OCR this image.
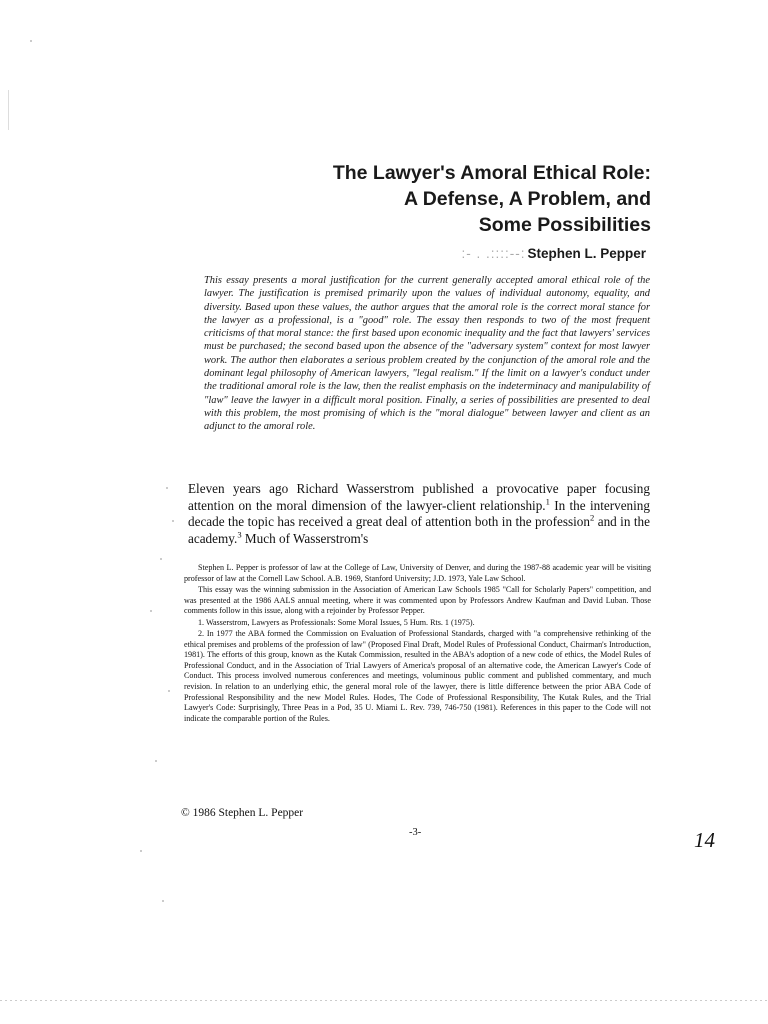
The Lawyer's Amoral Ethical Role:
A Defense, A Problem, and
Some Possibilities
:- . .::::--: Stephen L. Pepper
This essay presents a moral justification for the current generally accepted amoral ethical role of the lawyer. The justification is premised primarily upon the values of individual autonomy, equality, and diversity. Based upon these values, the author argues that the amoral role is the correct moral stance for the lawyer as a professional, is a "good" role. The essay then responds to two of the most frequent criticisms of that moral stance: the first based upon economic inequality and the fact that lawyers' services must be purchased; the second based upon the absence of the "adversary system" context for most lawyer work. The author then elaborates a serious problem created by the conjunction of the amoral role and the dominant legal philosophy of American lawyers, "legal realism." If the limit on a lawyer's conduct under the traditional amoral role is the law, then the realist emphasis on the indeterminacy and manipulability of "law" leave the lawyer in a difficult moral position. Finally, a series of possibilities are presented to deal with this problem, the most promising of which is the "moral dialogue" between lawyer and client as an adjunct to the amoral role.
Eleven years ago Richard Wasserstrom published a provocative paper focusing attention on the moral dimension of the lawyer-client relationship.$^1$ In the intervening decade the topic has received a great deal of attention both in the profession$^2$ and in the academy.$^3$ Much of Wasserstrom's

Stephen L. Pepper is professor of law at the College of Law, University of Denver, and during the 1987-88 academic year will be visiting professor of law at the Cornell Law School. A.B. 1969, Stanford University; J.D. 1973, Yale Law School.

This essay was the winning submission in the Association of American Law Schools 1985 "Call for Scholarly Papers" competition, and was presented at the 1986 AALS annual meeting, where it was commented upon by Professors Andrew Kaufman and David Luban. Those comments follow in this issue, along with a rejoinder by Professor Pepper.

1. Wasserstrom, Lawyers as Professionals: Some Moral Issues, 5 Hum. Rts. 1 (1975).

2. In 1977 the ABA formed the Commission on Evaluation of Professional Standards, charged with "a comprehensive rethinking of the ethical premises and problems of the profession of law" (Proposed Final Draft, Model Rules of Professional Conduct, Chairman's Introduction, 1981). The efforts of this group, known as the Kutak Commission, resulted in the ABA's adoption of a new code of ethics, the Model Rules of Professional Conduct, and in the Association of Trial Lawyers of America's proposal of an alternative code, the American Lawyer's Code of Conduct. This process involved numerous conferences and meetings, voluminous public comment and published commentary, and much revision. In relation to an underlying ethic, the general moral role of the lawyer, there is little difference between the prior ABA Code of Professional Responsibility and the new Model Rules. Hodes, The Code of Professional Responsibility, The Kutak Rules, and the Trial Lawyer's Code: Surprisingly, Three Peas in a Pod, 35 U. Miami L. Rev. 739, 746-750 (1981). References in this paper to the Code will not indicate the comparable portion of the Rules.

© 1986 Stephen L. Pepper
-3-	14
